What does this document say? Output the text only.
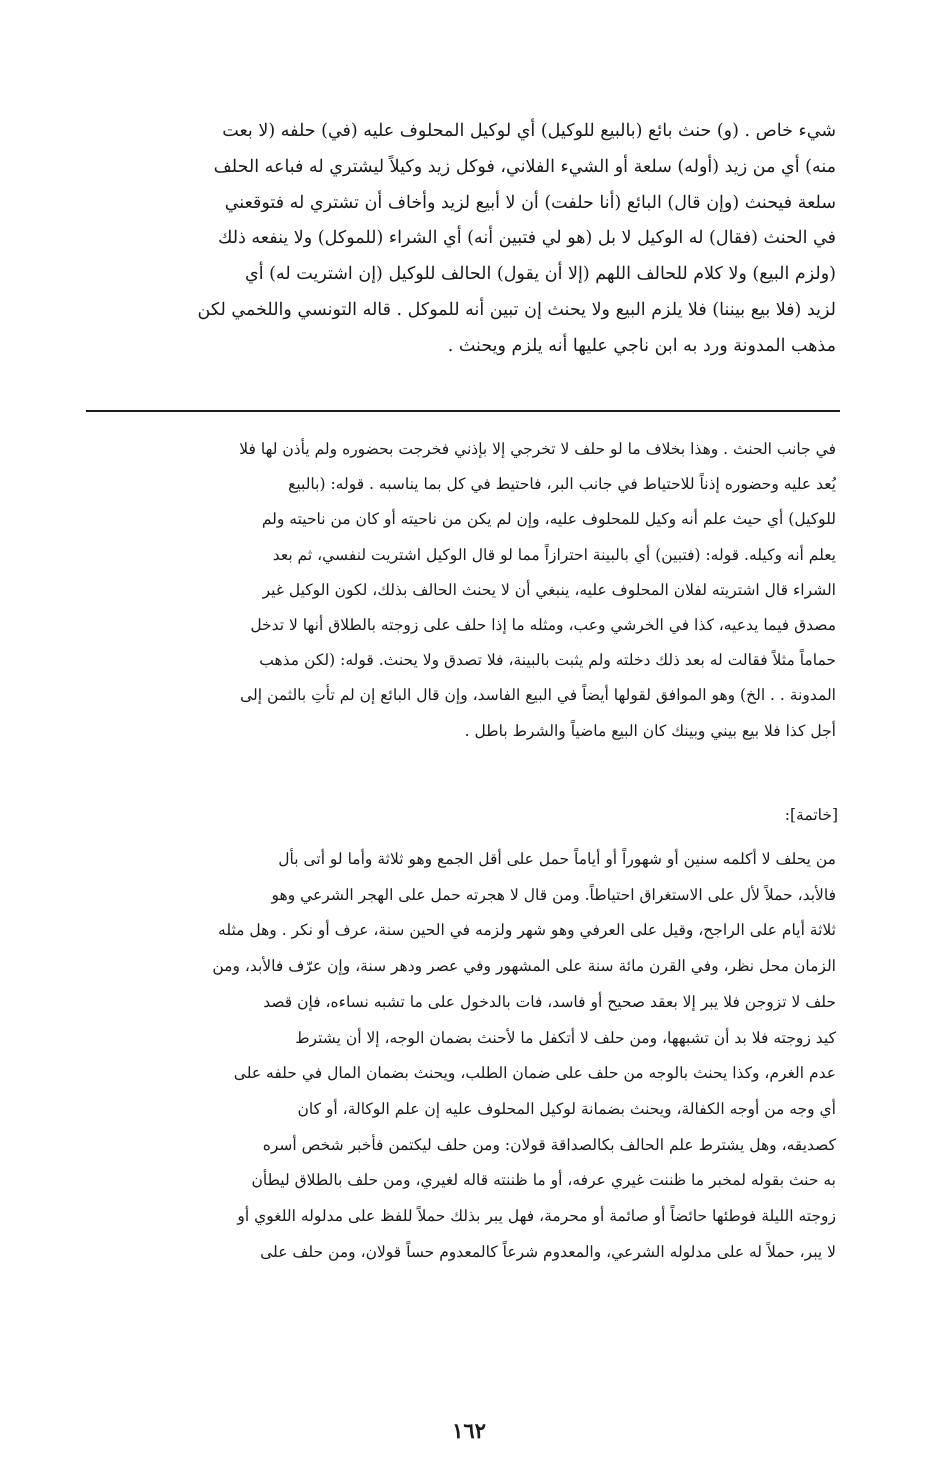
شيء خاص . (و) حنث بائع (بالبيع للوكيل) أي لوكيل المحلوف عليه (في) حلفه (لا بعت
منه) أي من زيد (أوله) سلعة أو الشيء الفلاني، فوكل زيد وكيلاً ليشتري له فباعه الحلف
سلعة فيحنث (وإن قال) البائع (أنا حلفت) أن لا أبيع لزيد وأخاف أن تشتري له فتوقعني
في الحنث (فقال) له الوكيل لا بل (هو لي فتبين أنه) أي الشراء (للموكل) ولا ينفعه ذلك
(ولزم البيع) ولا كلام للحالف اللهم (إلا أن يقول) الحالف للوكيل (إن اشتريت له) أي
لزيد (فلا بيع بيننا) فلا يلزم البيع ولا يحنث إن تبين أنه للموكل . قاله التونسي واللخمي لكن
مذهب المدونة ورد به ابن ناجي عليها أنه يلزم ويحنث .
في جانب الحنث . وهذا بخلاف ما لو حلف لا تخرجي إلا بإذني فخرجت بحضوره ولم يأذن لها فلا
يُعد عليه وحضوره إذناً للاحتياط في جانب البر، فاحتيط في كل بما يناسبه . قوله: (بالبيع
للوكيل) أي حيث علم أنه وكيل للمحلوف عليه، وإن لم يكن من ناحيته أو كان من ناحيته ولم
يعلم أنه وكيله. قوله: (فتبين) أي بالبينة احترازاً مما لو قال الوكيل اشتريت لنفسي، ثم بعد
الشراء قال اشتريته لفلان المحلوف عليه، ينبغي أن لا يحنث الحالف بذلك، لكون الوكيل غير
مصدق فيما يدعيه، كذا في الخرشي وعب، ومثله ما إذا حلف على زوجته بالطلاق أنها لا تدخل
حماماً مثلاً فقالت له بعد ذلك دخلته ولم يثبت بالبينة، فلا تصدق ولا يحنث. قوله: (لكن مذهب
المدونة . . الخ) وهو الموافق لقولها أيضاً في البيع الفاسد، وإن قال البائع إن لم تأتِ بالثمن إلى
أجل كذا فلا بيع بيني وبينك كان البيع ماضياً والشرط باطل .
[خاتمة]:
من يحلف لا أكلمه سنين أو شهوراً أو أياماً حمل على أقل الجمع وهو ثلاثة وأما لو أتى بأل
فالأبد، حملاً لأل على الاستغراق احتياطاً. ومن قال لا هجرته حمل على الهجر الشرعي وهو
ثلاثة أيام على الراجح، وقيل على العرفي وهو شهر ولزمه في الحين سنة، عرف أو نكر . وهل مثله
الزمان محل نظر، وفي القرن مائة سنة على المشهور وفي عصر ودهر سنة، وإن عرّف فالأبد، ومن
حلف لا تزوجن فلا يبر إلا بعقد صحيح أو فاسد، فات بالدخول على ما تشبه نساءه، فإن قصد
كيد زوجته فلا بد أن تشبهها، ومن حلف لا أتكفل ما لأحنث بضمان الوجه، إلا أن يشترط
عدم الغرم، وكذا يحنث بالوجه من حلف على ضمان الطلب، ويحنث بضمان المال في حلفه على
أي وجه من أوجه الكفالة، ويحنث بضمانة لوكيل المحلوف عليه إن علم الوكالة، أو كان
كصديقه، وهل يشترط علم الحالف بكالصداقة قولان: ومن حلف ليكتمن فأخبر شخص أسره
به حنث بقوله لمخبر ما ظننت غيري عرفه، أو ما ظننته قاله لغيري، ومن حلف بالطلاق ليطأن
زوجته الليلة فوطئها حائضاً أو صائمة أو محرمة، فهل يبر بذلك حملاً للفظ على مدلوله اللغوي أو
لا يبر، حملاً له على مدلوله الشرعي، والمعدوم شرعاً كالمعدوم حساً قولان، ومن حلف على
١٦٢
